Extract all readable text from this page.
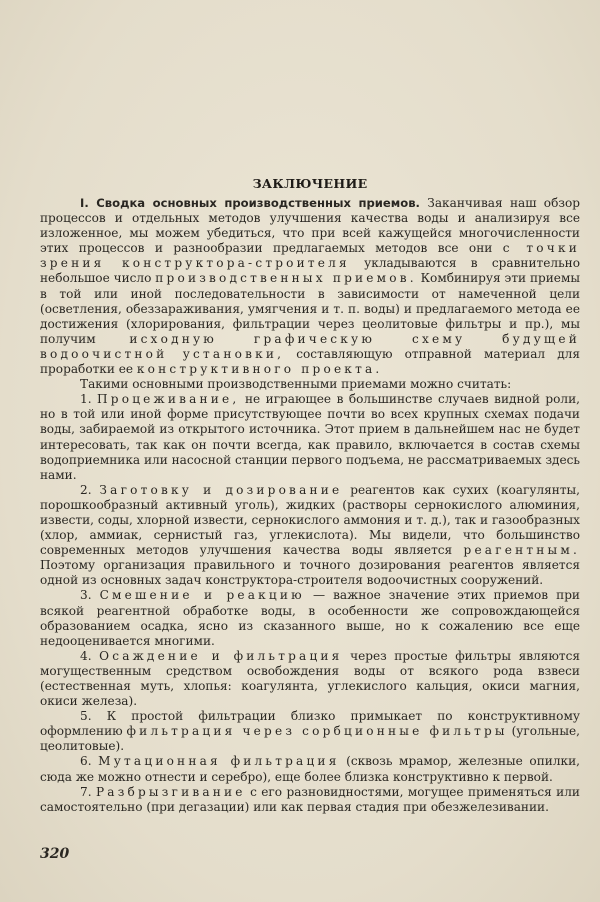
ЗАКЛЮЧЕНИЕ

I. Сводка основных производственных приемов. Заканчивая наш обзор процессов и отдельных методов улучшения качества воды и анализируя все изложенное, мы можем убедиться, что при всей кажущейся многочисленности этих процессов и разнообразии предлагаемых методов все они с точки зрения конструктора-строителя укладываются в сравнительно небольшое число производственных приемов. Комбинируя эти приемы в той или иной последовательности в зависимости от намеченной цели (осветления, обеззараживания, умягчения и т. п. воды) и предлагаемого метода ее достижения (хлорирования, фильтрации через цеолитовые фильтры и пр.), мы получим исходную графическую схему будущей водоочистной установки, составляющую отправной материал для проработки ее конструктивного проекта.

Такими основными производственными приемами можно считать:

1. Процеживание, не играющее в большинстве случаев видной роли, но в той или иной форме присутствующее почти во всех крупных схемах подачи воды, забираемой из открытого источника. Этот прием в дальнейшем нас не будет интересовать, так как он почти всегда, как правило, включается в состав схемы водоприемника или насосной станции первого подъема, не рассматриваемых здесь нами.

2. Заготовку и дозирование реагентов как сухих (коагулянты, порошкообразный активный уголь), жидких (растворы сернокислого алюминия, извести, соды, хлорной извести, сернокислого аммония и т. д.), так и газообразных (хлор, аммиак, сернистый газ, углекислота). Мы видели, что большинство современных методов улучшения качества воды является реагентным. Поэтому организация правильного и точного дозирования реагентов является одной из основных задач конструктора-строителя водоочистных сооружений.

3. Смешение и реакцию — важное значение этих приемов при всякой реагентной обработке воды, в особенности же сопровождающейся образованием осадка, ясно из сказанного выше, но к сожалению все еще недооценивается многими.

4. Осаждение и фильтрация через простые фильтры являются могущественным средством освобождения воды от всякого рода взвеси (естественная муть, хлопья: коагулянта, углекислого кальция, окиси магния, окиси железа).

5. К простой фильтрации близко примыкает по конструктивному оформлению фильтрация через сорбционные фильтры (угольные, цеолитовые).

6. Мутационная фильтрация (сквозь мрамор, железные опилки, сюда же можно отнести и серебро), еще более близка конструктивно к первой.

7. Разбрызгивание с его разновидностями, могущее применяться или самостоятельно (при дегазации) или как первая стадия при обезжелезивании.

320
